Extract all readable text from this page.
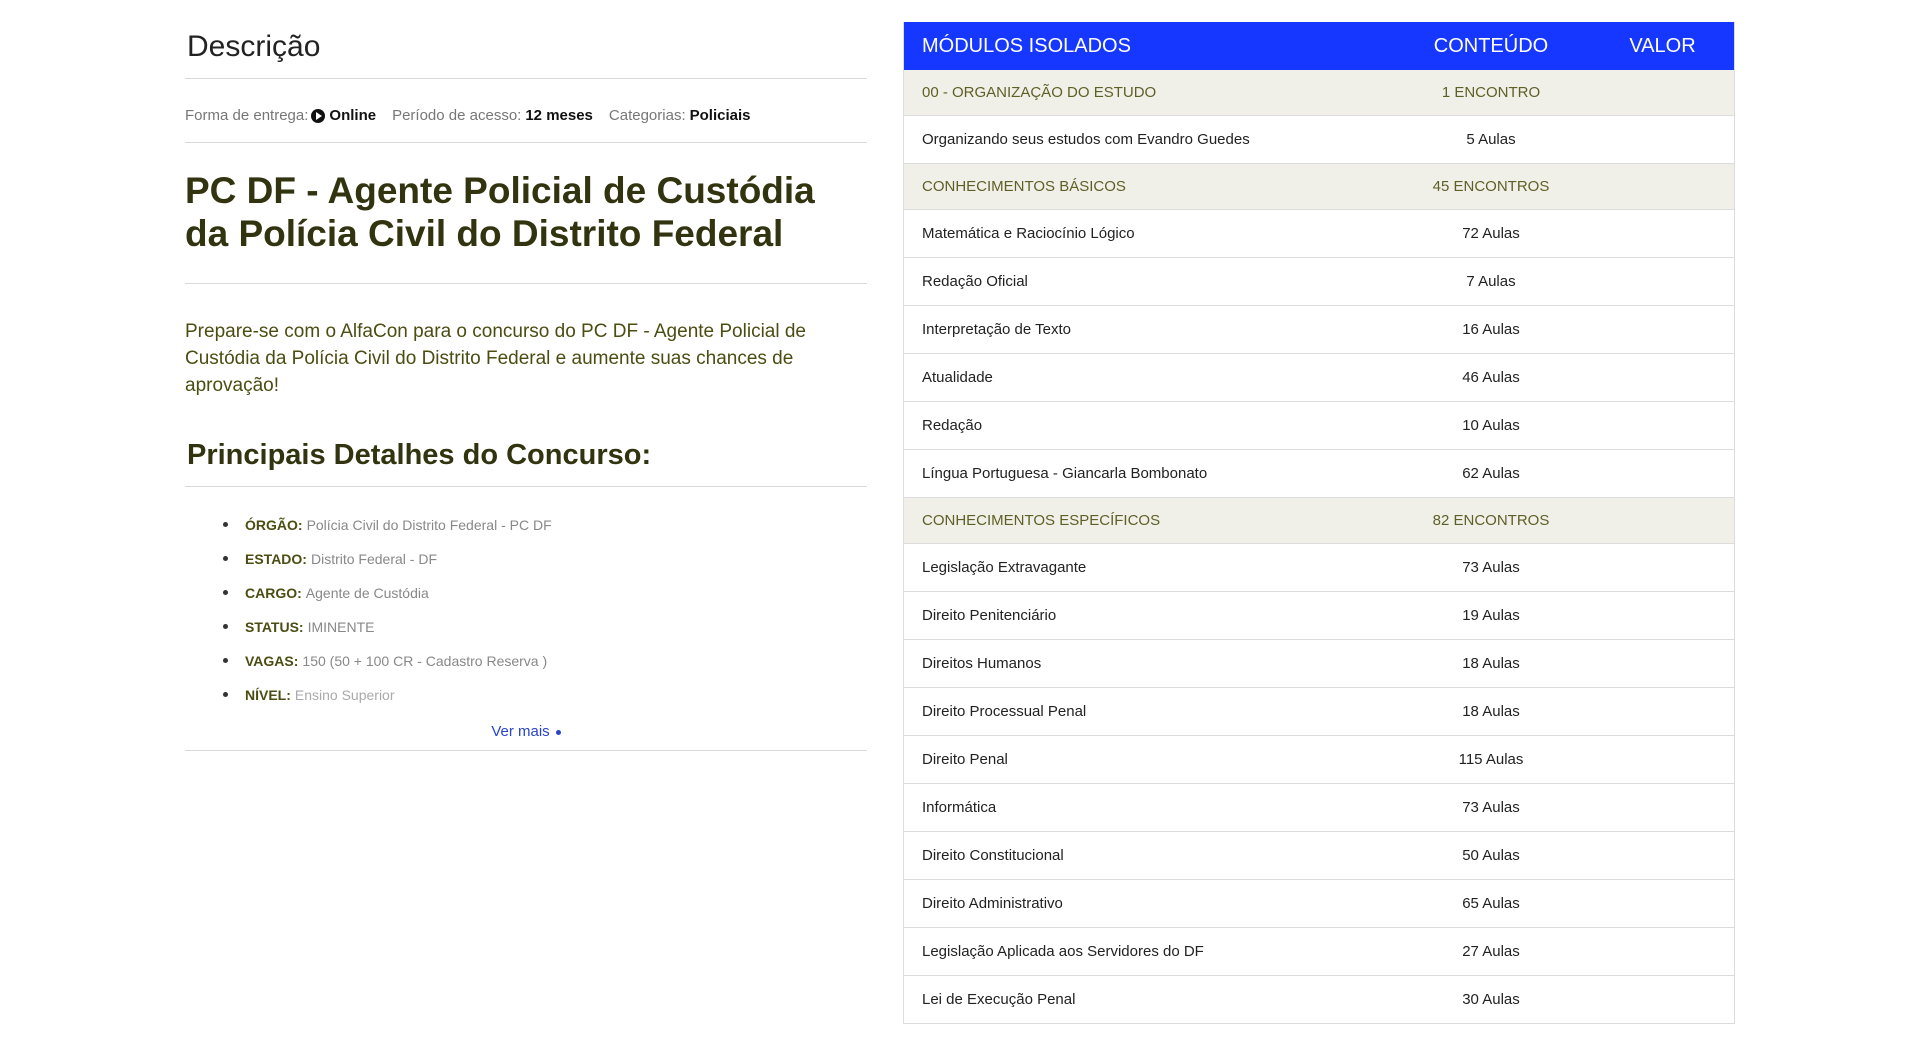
Descrição
Forma de entrega: Online Período de acesso: 12 meses Categorias: Policiais
PC DF - Agente Policial de Custódia da Polícia Civil do Distrito Federal

Prepare-se com o AlfaCon para o concurso do PC DF - Agente Policial de Custódia da Polícia Civil do Distrito Federal e aumente suas chances de aprovação!

Principais Detalhes do Concurso:
ÓRGÃO: Polícia Civil do Distrito Federal - PC DF
ESTADO: Distrito Federal - DF
CARGO: Agente de Custódia
STATUS: IMINENTE
VAGAS: 150 (50 + 100 CR - Cadastro Reserva )
NÍVEL: Ensino Superior
Ver mais
MÓDULOS ISOLADOS	CONTEÚDO	VALOR
00 - ORGANIZAÇÃO DO ESTUDO	1 ENCONTRO
Organizando seus estudos com Evandro Guedes	5 Aulas
CONHECIMENTOS BÁSICOS	45 ENCONTROS
Matemática e Raciocínio Lógico	72 Aulas
Redação Oficial	7 Aulas
Interpretação de Texto	16 Aulas
Atualidade	46 Aulas
Redação	10 Aulas
Língua Portuguesa - Giancarla Bombonato	62 Aulas
CONHECIMENTOS ESPECÍFICOS	82 ENCONTROS
Legislação Extravagante	73 Aulas
Direito Penitenciário	19 Aulas
Direitos Humanos	18 Aulas
Direito Processual Penal	18 Aulas
Direito Penal	115 Aulas
Informática	73 Aulas
Direito Constitucional	50 Aulas
Direito Administrativo	65 Aulas
Legislação Aplicada aos Servidores do DF	27 Aulas
Lei de Execução Penal	30 Aulas
